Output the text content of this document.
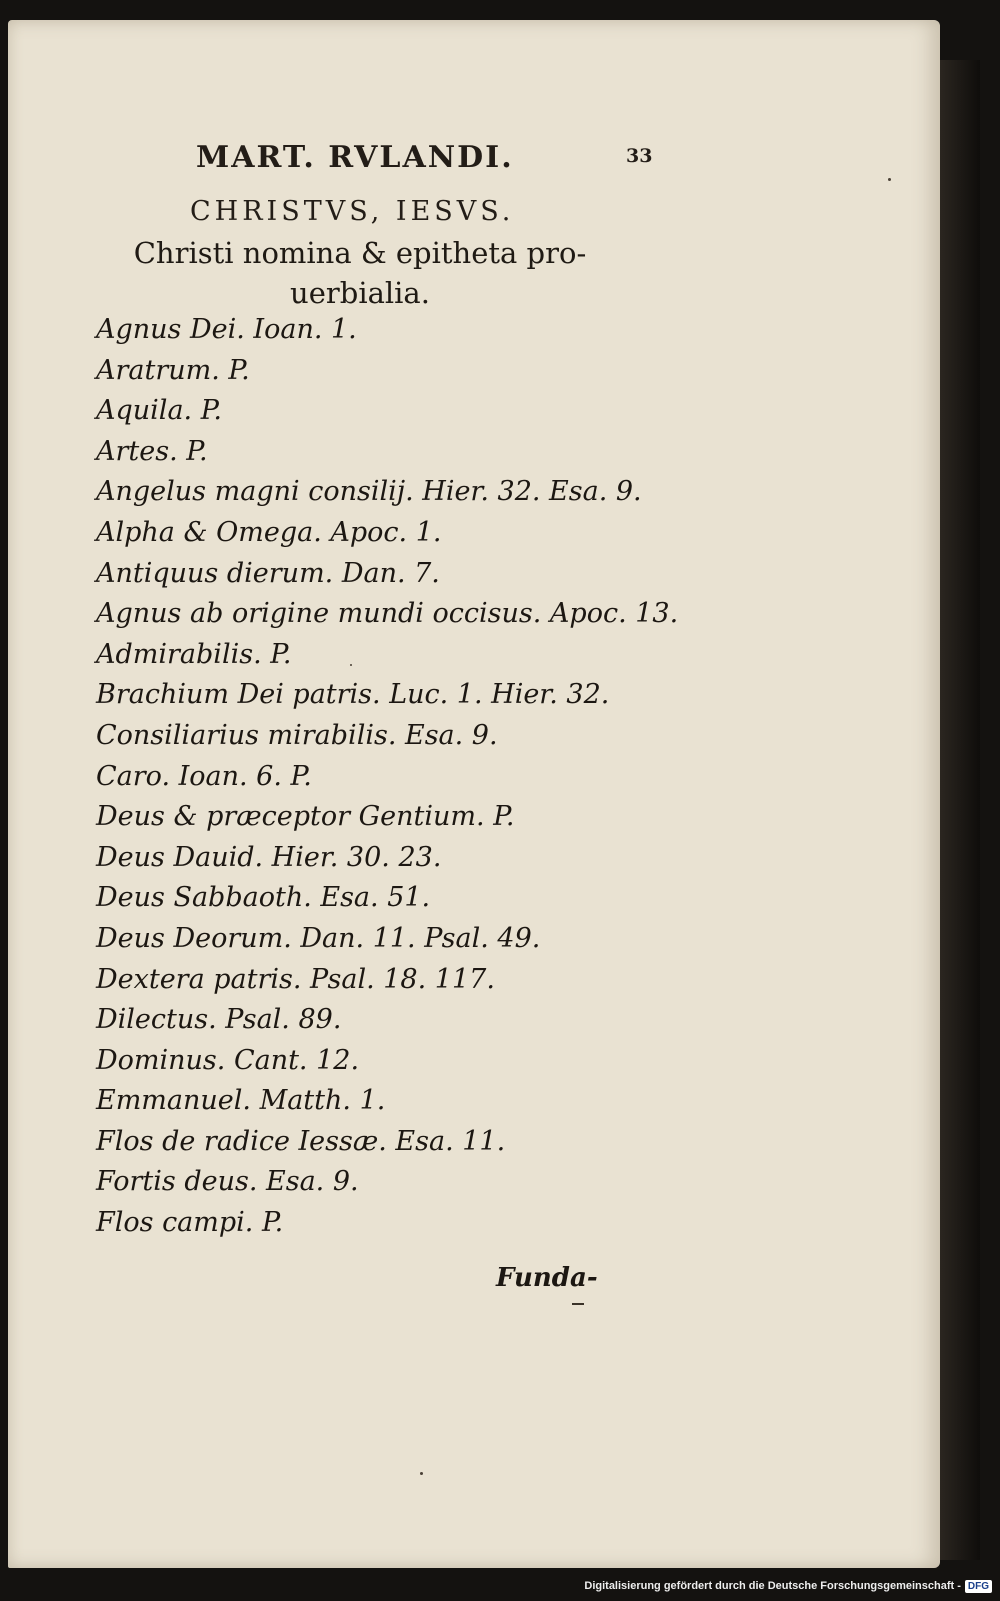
MART. RVLANDI.	33
CHRISTVS, IESVS.
Christi nomina & epitheta pro-
uerbialia.
Agnus Dei. Ioan. 1.
Aratrum. P.
Aquila. P.
Artes. P.
Angelus magni consilij. Hier. 32. Esa. 9.
Alpha & Omega. Apoc. 1.
Antiquus dierum. Dan. 7.
Agnus ab origine mundi occisus. Apoc. 13.
Admirabilis. P.
Brachium Dei patris. Luc. 1. Hier. 32.
Consiliarius mirabilis. Esa. 9.
Caro. Ioan. 6. P.
Deus & præceptor Gentium. P.
Deus Dauid. Hier. 30. 23.
Deus Sabbaoth. Esa. 51.
Deus Deorum. Dan. 11. Psal. 49.
Dextera patris. Psal. 18. 117.
Dilectus. Psal. 89.
Dominus. Cant. 12.
Emmanuel. Matth. 1.
Flos de radice Iessæ. Esa. 11.
Fortis deus. Esa. 9.
Flos campi. P.
Funda-
Digitalisierung gefördert durch die Deutsche Forschungsgemeinschaft - DFG
